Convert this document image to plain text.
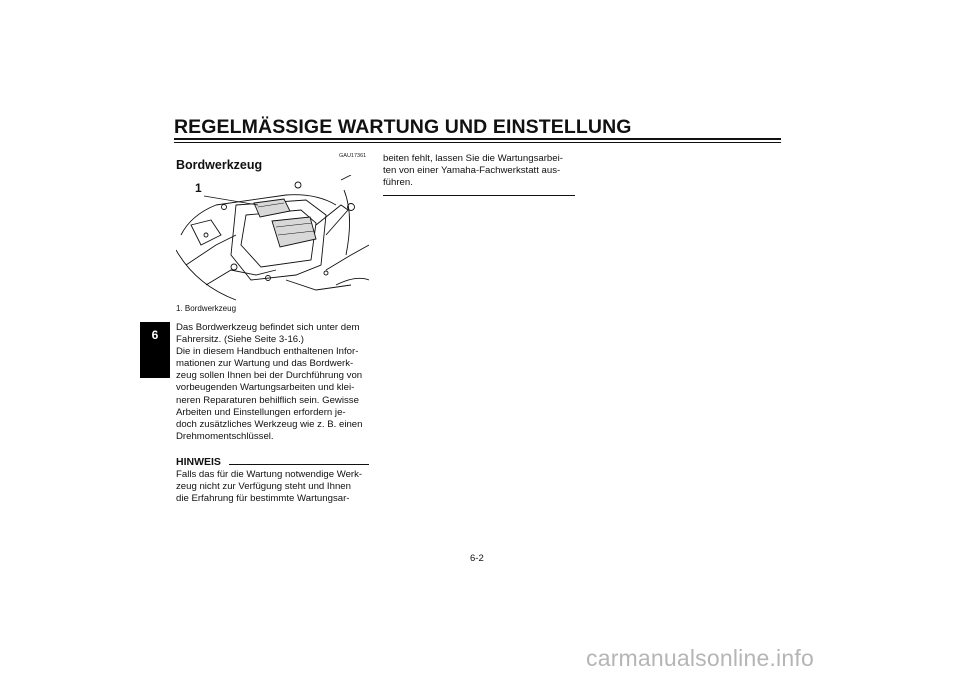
REGELMÄSSIGE WARTUNG UND EINSTELLUNG
6
GAU17361
Bordwerkzeug
1
1. Bordwerkzeug

Das Bordwerkzeug befindet sich unter dem

Fahrersitz. (Siehe Seite 3-16.)

Die in diesem Handbuch enthaltenen Infor-

mationen zur Wartung und das Bordwerk-

zeug sollen Ihnen bei der Durchführung von

vorbeugenden Wartungsarbeiten und klei-

neren Reparaturen behilflich sein. Gewisse

Arbeiten und Einstellungen erfordern je-

doch zusätzliches Werkzeug wie z. B. einen

Drehmomentschlüssel.

HINWEIS

Falls das für die Wartung notwendige Werk-

zeug nicht zur Verfügung steht und Ihnen

die Erfahrung für bestimmte Wartungsar-

beiten fehlt, lassen Sie die Wartungsarbei-

ten von einer Yamaha-Fachwerkstatt aus-

führen.

6-2
carmanualsonline.info
